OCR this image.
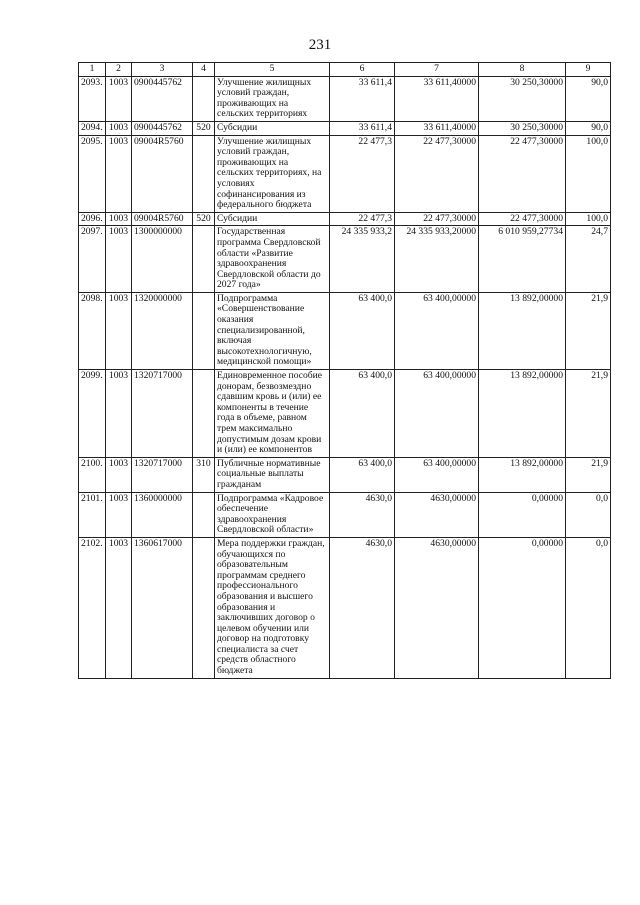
231
1	2	3	4	5	6	7	8	9
2093.	1003	0900445762		Улучшение жилищных условий граждан, проживающих на сельских территориях	33 611,4	33 611,40000	30 250,30000	90,0
2094.	1003	0900445762	520	Субсидии	33 611,4	33 611,40000	30 250,30000	90,0
2095.	1003	09004R5760		Улучшение жилищных условий граждан, проживающих на сельских территориях, на условиях софинансирования из федерального бюджета	22 477,3	22 477,30000	22 477,30000	100,0
2096.	1003	09004R5760	520	Субсидии	22 477,3	22 477,30000	22 477,30000	100,0
2097.	1003	1300000000		Государственная программа Свердловской области «Развитие здравоохранения Свердловской области до 2027 года»	24 335 933,2	24 335 933,20000	6 010 959,27734	24,7
2098.	1003	1320000000		Подпрограмма «Совершенствование оказания специализированной, включая высокотехнологичную, медицинской помощи»	63 400,0	63 400,00000	13 892,00000	21,9
2099.	1003	1320717000		Единовременное пособие донорам, безвозмездно сдавшим кровь и (или) ее компоненты в течение года в объеме, равном трем максимально допустимым дозам крови и (или) ее компонентов	63 400,0	63 400,00000	13 892,00000	21,9
2100.	1003	1320717000	310	Публичные нормативные социальные выплаты гражданам	63 400,0	63 400,00000	13 892,00000	21,9
2101.	1003	1360000000		Подпрограмма «Кадровое обеспечение здравоохранения Свердловской области»	4630,0	4630,00000	0,00000	0,0
2102.	1003	1360617000		Мера поддержки граждан, обучающихся по образовательным программам среднего профессионального образования и высшего образования и заключивших договор о целевом обучении или договор на подготовку специалиста за счет средств областного бюджета	4630,0	4630,00000	0,00000	0,0
